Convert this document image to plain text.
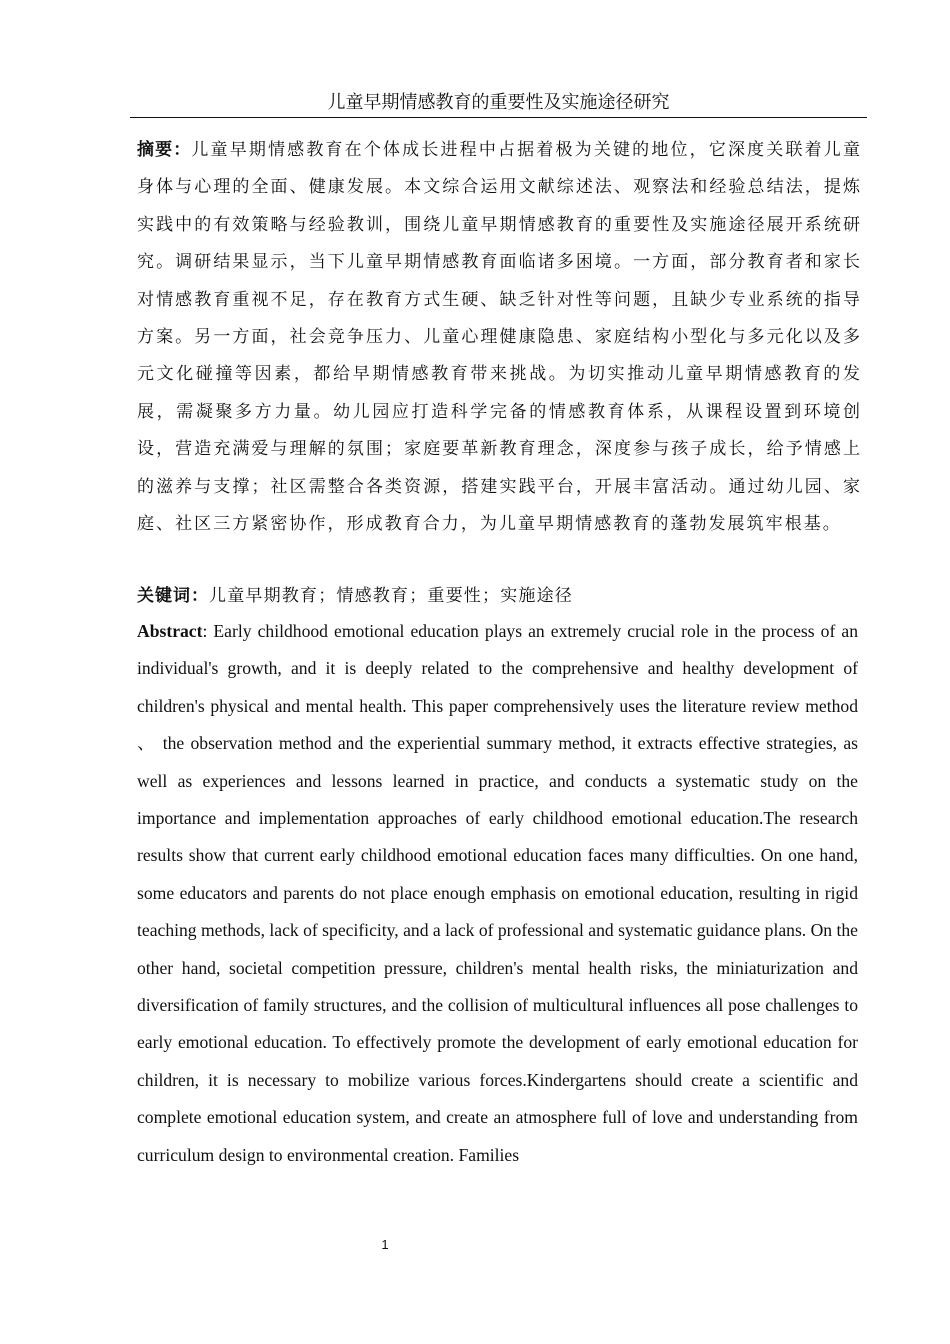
儿童早期情感教育的重要性及实施途径研究

摘要：儿童早期情感教育在个体成长进程中占据着极为关键的地位，它深度关联着儿童身体与心理的全面、健康发展。本文综合运用文献综述法、观察法和经验总结法，提炼实践中的有效策略与经验教训，围绕儿童早期情感教育的重要性及实施途径展开系统研究。调研结果显示，当下儿童早期情感教育面临诸多困境。一方面，部分教育者和家长对情感教育重视不足，存在教育方式生硬、缺乏针对性等问题，且缺少专业系统的指导方案。另一方面，社会竞争压力、儿童心理健康隐患、家庭结构小型化与多元化以及多元文化碰撞等因素，都给早期情感教育带来挑战。为切实推动儿童早期情感教育的发展，需凝聚多方力量。幼儿园应打造科学完备的情感教育体系，从课程设置到环境创设，营造充满爱与理解的氛围；家庭要革新教育理念，深度参与孩子成长，给予情感上的滋养与支撑；社区需整合各类资源，搭建实践平台，开展丰富活动。通过幼儿园、家庭、社区三方紧密协作，形成教育合力，为儿童早期情感教育的蓬勃发展筑牢根基。

关键词：儿童早期教育；情感教育；重要性；实施途径

Abstract: Early childhood emotional education plays an extremely crucial role in the process of an individual's growth, and it is deeply related to the comprehensive and healthy development of children's physical and mental health. This paper comprehensively uses the literature review method 、 the observation method and the experiential summary method, it extracts effective strategies, as well as experiences and lessons learned in practice, and conducts a systematic study on the importance and implementation approaches of early childhood emotional education.The research results show that current early childhood emotional education faces many difficulties. On one hand, some educators and parents do not place enough emphasis on emotional education, resulting in rigid teaching methods, lack of specificity, and a lack of professional and systematic guidance plans. On the other hand, societal competition pressure, children's mental health risks, the miniaturization and diversification of family structures, and the collision of multicultural influences all pose challenges to early emotional education. To effectively promote the development of early emotional education for children, it is necessary to mobilize various forces.Kindergartens should create a scientific and complete emotional education system, and create an atmosphere full of love and understanding from curriculum design to environmental creation. Families

1
